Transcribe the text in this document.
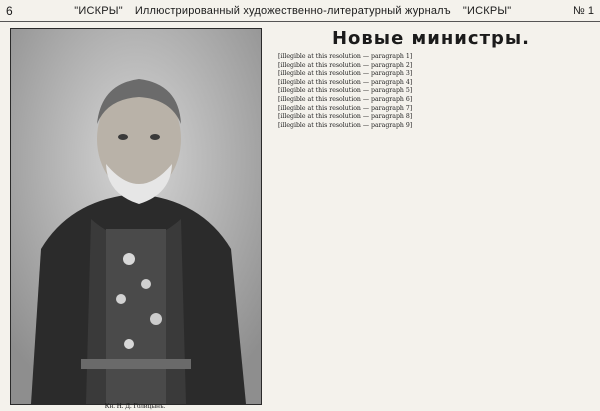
6	"ИСКРЫ" Иллюстрированный художественно-литературный журналъ "ИСКРЫ"	№ 1
Кн. Н. Д. Голицынъ.
Новые министры.

[illegible at this resolution — paragraph 1]

[illegible at this resolution — paragraph 2]

[illegible at this resolution — paragraph 3]

[illegible at this resolution — paragraph 4]

[illegible at this resolution — paragraph 5]

[illegible at this resolution — paragraph 6]

[illegible at this resolution — paragraph 7]

[illegible at this resolution — paragraph 8]

[illegible at this resolution — paragraph 9]
